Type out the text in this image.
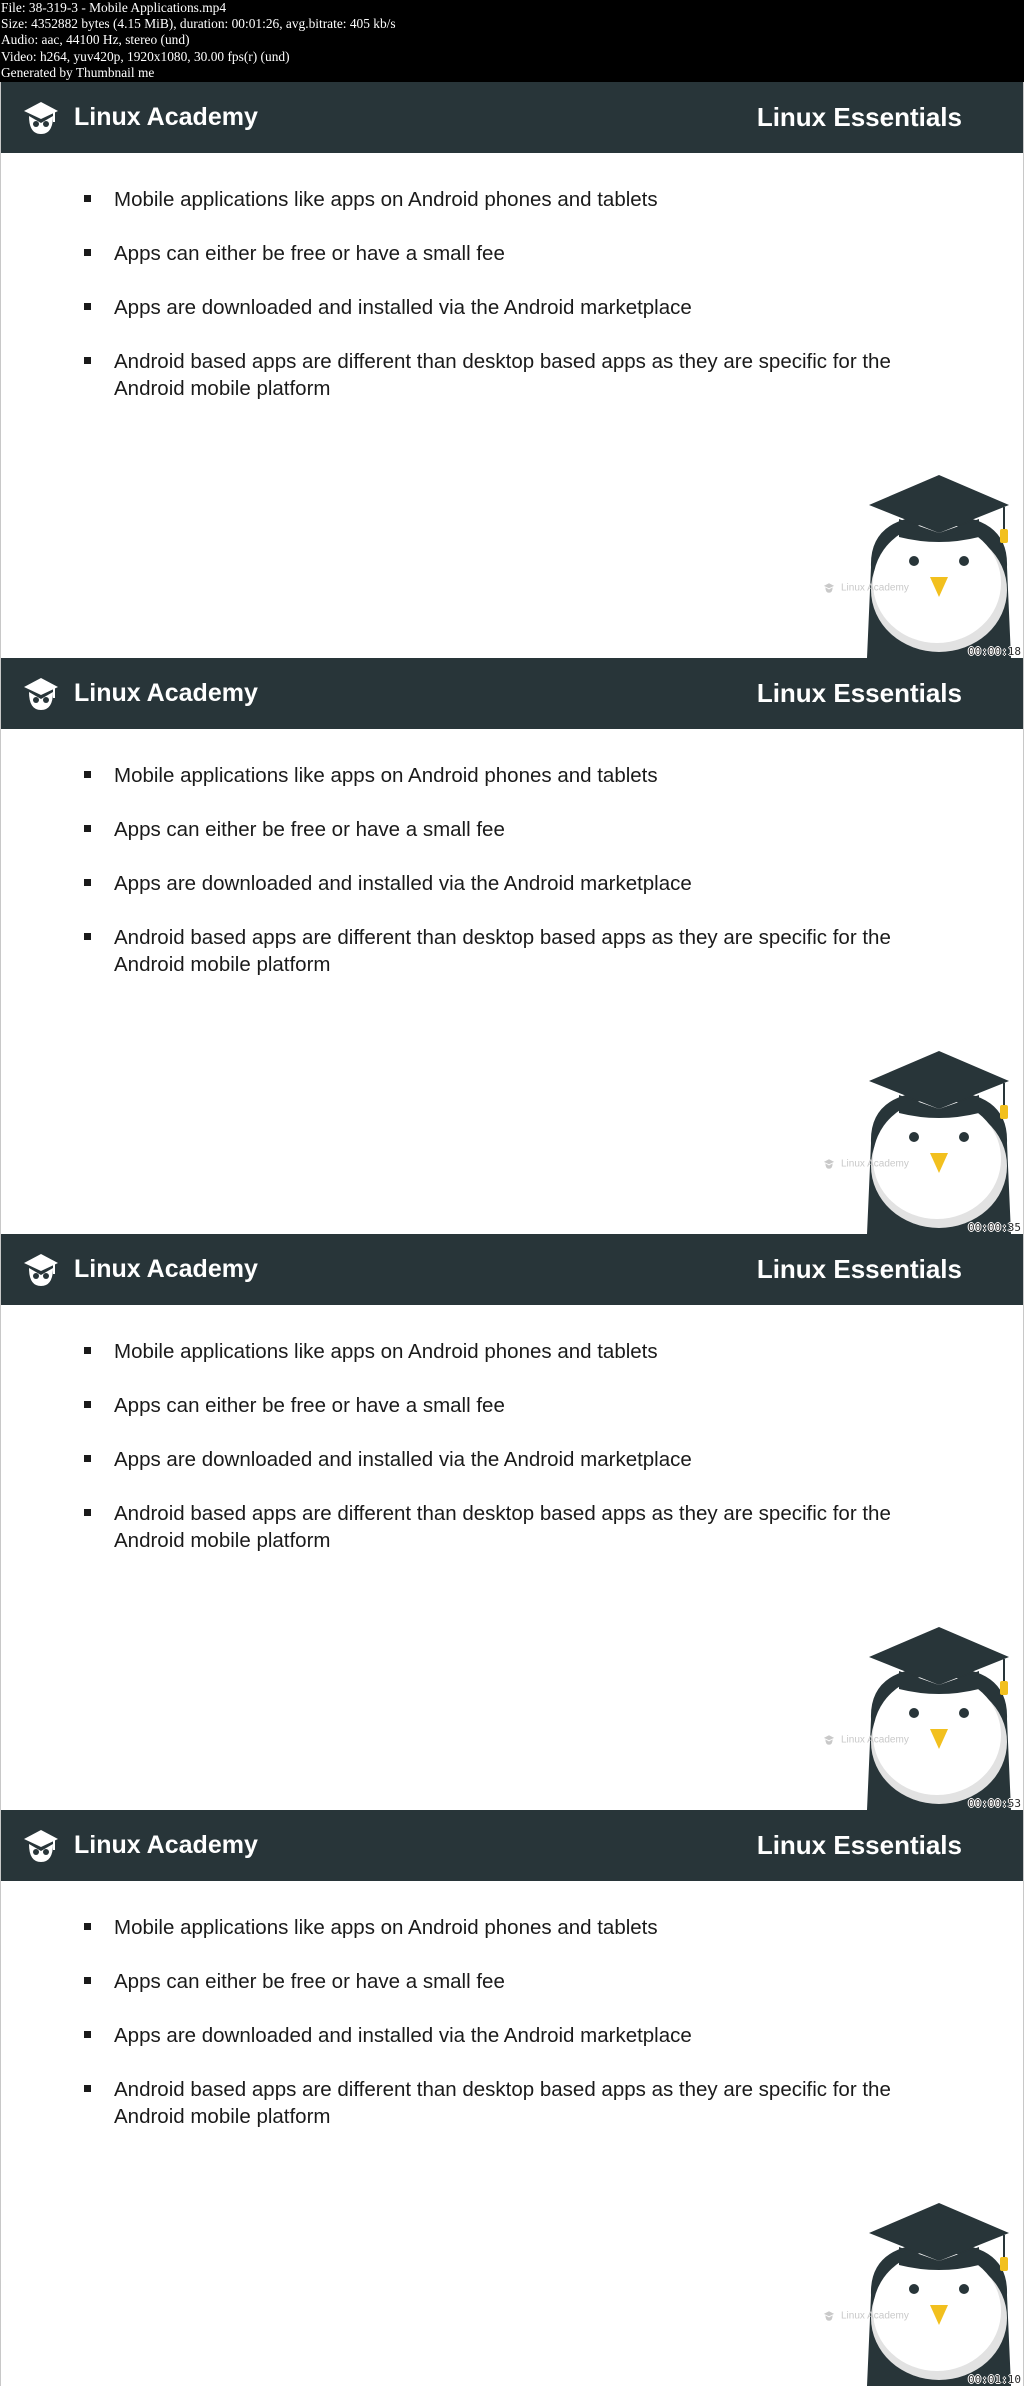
File: 38-319-3 - Mobile Applications.mp4
Size: 4352882 bytes (4.15 MiB), duration: 00:01:26, avg.bitrate: 405 kb/s
Audio: aac, 44100 Hz, stereo (und)
Video: h264, yuv420p, 1920x1080, 30.00 fps(r) (und)
Generated by Thumbnail me
Linux Academy	Linux Essentials
Mobile applications like apps on Android phones and tablets
Apps can either be free or have a small fee
Apps are downloaded and installed via the Android marketplace
Android based apps are different than desktop based apps as they are specific for the Android mobile platform
Linux Academy
00:00:18
Linux Academy	Linux Essentials
Mobile applications like apps on Android phones and tablets
Apps can either be free or have a small fee
Apps are downloaded and installed via the Android marketplace
Android based apps are different than desktop based apps as they are specific for the Android mobile platform
Linux Academy
00:00:35
Linux Academy	Linux Essentials
Mobile applications like apps on Android phones and tablets
Apps can either be free or have a small fee
Apps are downloaded and installed via the Android marketplace
Android based apps are different than desktop based apps as they are specific for the Android mobile platform
Linux Academy
00:00:53
Linux Academy	Linux Essentials
Mobile applications like apps on Android phones and tablets
Apps can either be free or have a small fee
Apps are downloaded and installed via the Android marketplace
Android based apps are different than desktop based apps as they are specific for the Android mobile platform
Linux Academy
00:01:10
